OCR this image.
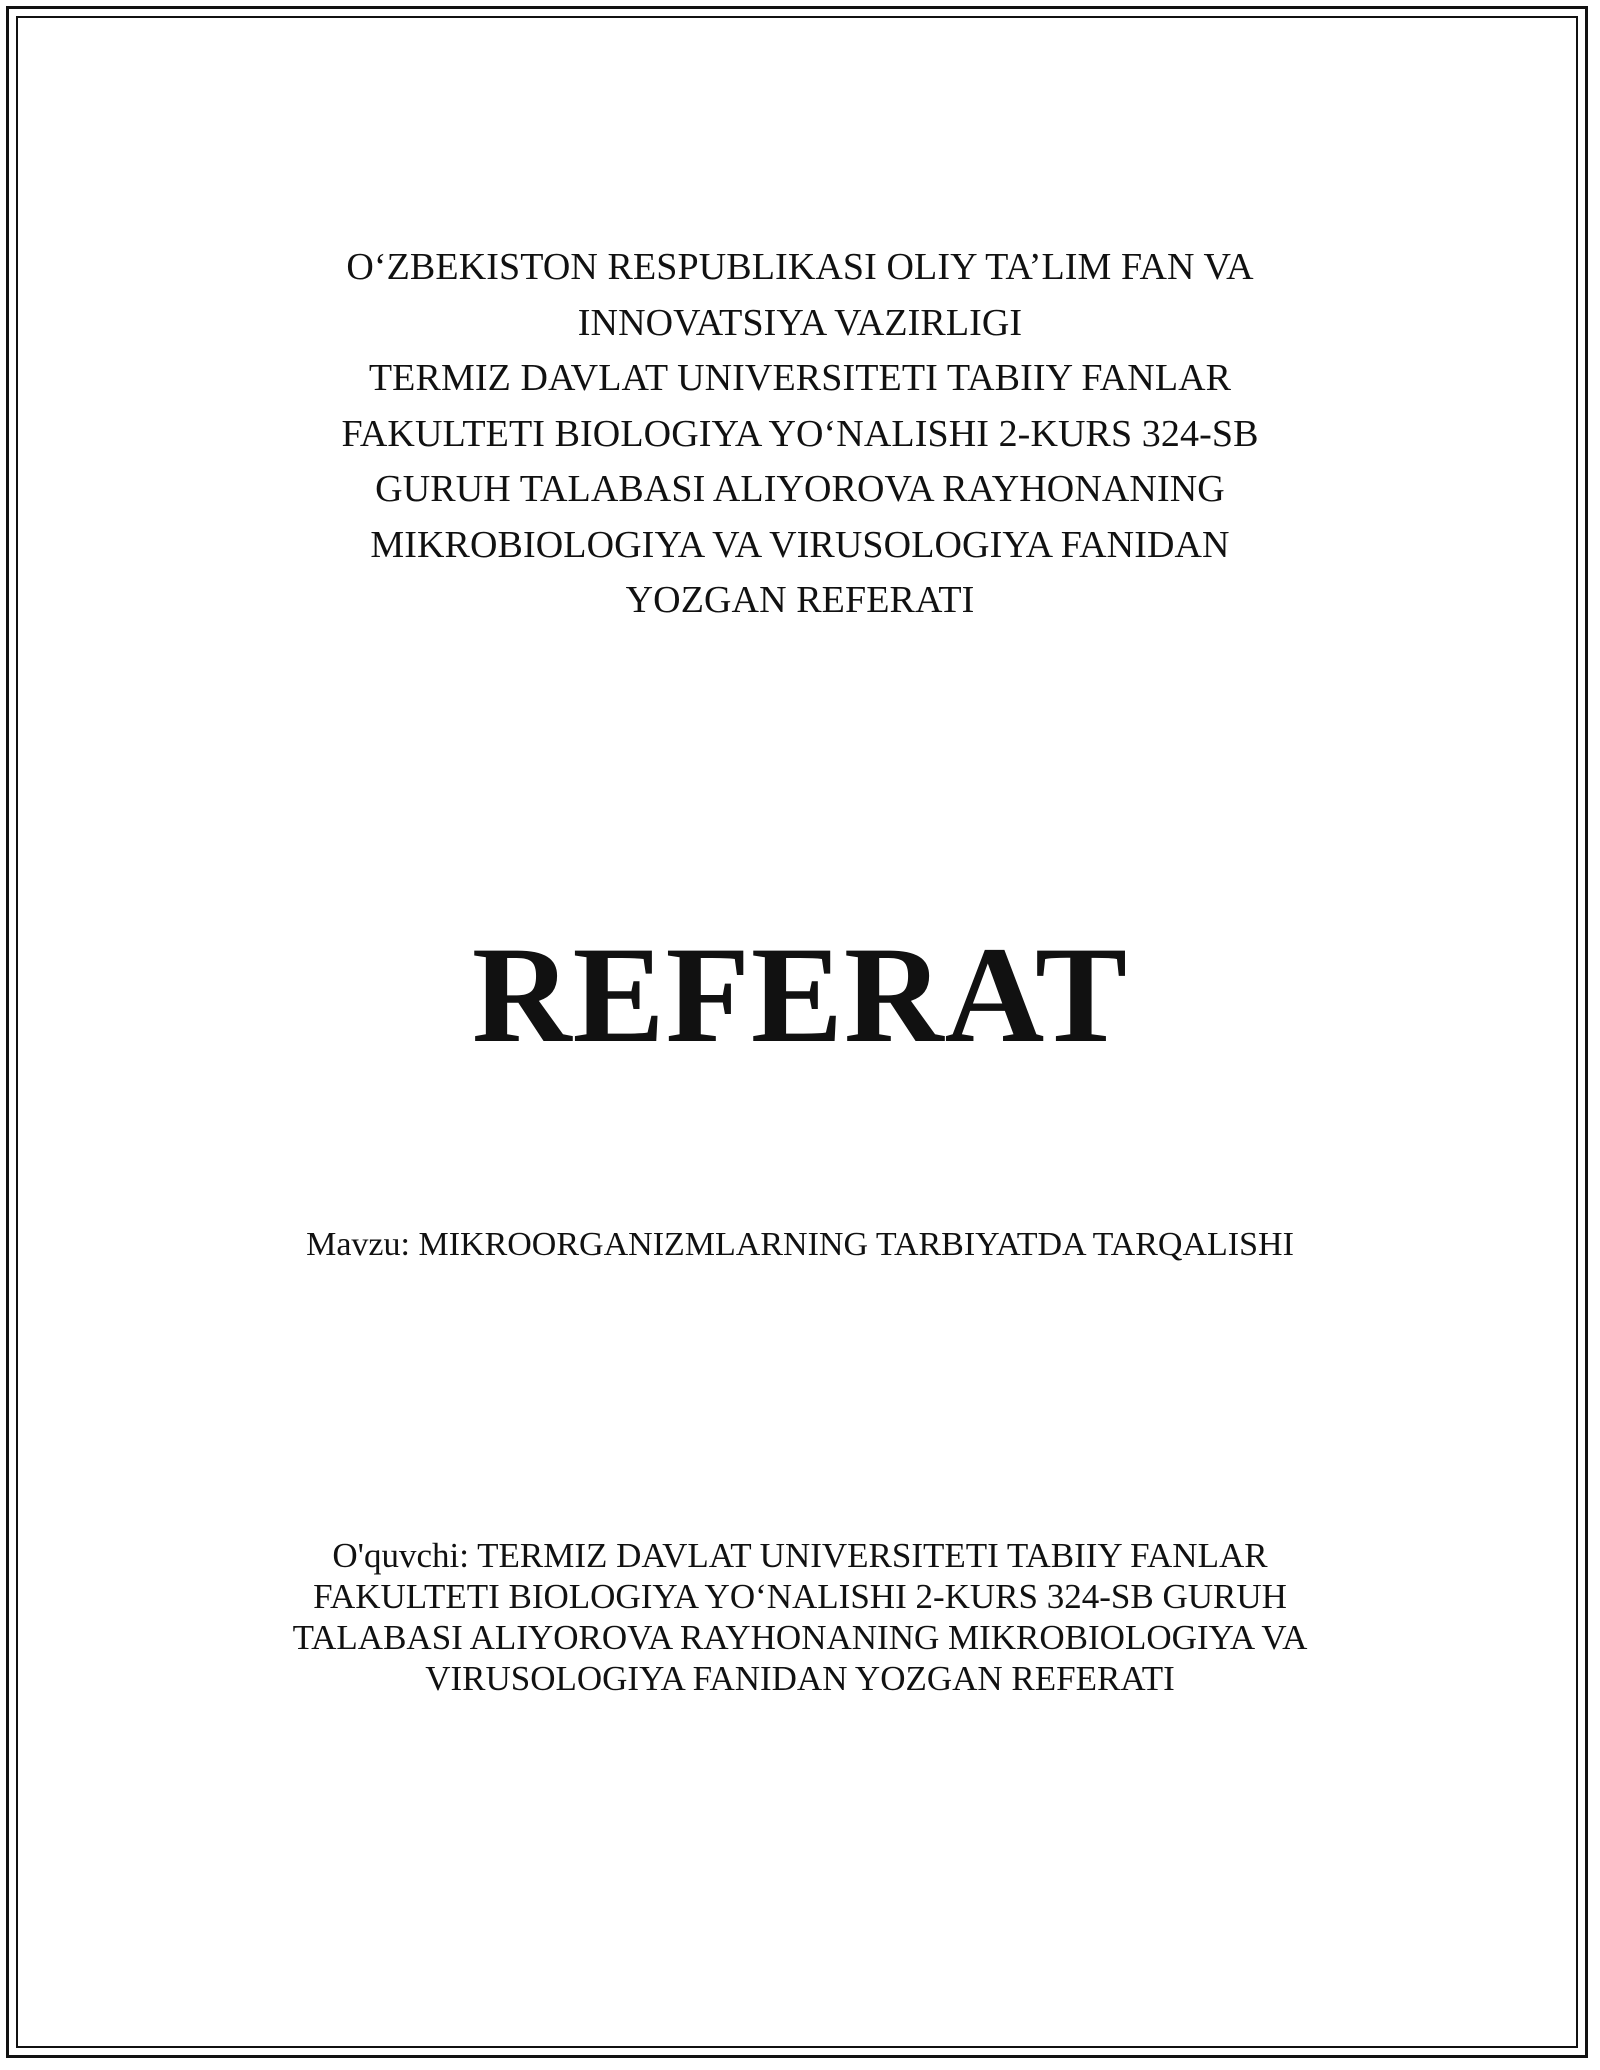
O‘ZBEKISTON RESPUBLIKASI OLIY TA’LIM FAN VA
INNOVATSIYA VAZIRLIGI
TERMIZ DAVLAT UNIVERSITETI TABIIY FANLAR
FAKULTETI BIOLOGIYA YO‘NALISHI 2-KURS 324-SB
GURUH TALABASI ALIYOROVA RAYHONANING
MIKROBIOLOGIYA VA VIRUSOLOGIYA FANIDAN
YOZGAN REFERATI
REFERAT
Mavzu: MIKROORGANIZMLARNING TARBIYATDA TARQALISHI
O'quvchi: TERMIZ DAVLAT UNIVERSITETI TABIIY FANLAR
FAKULTETI BIOLOGIYA YO‘NALISHI 2-KURS 324-SB GURUH
TALABASI ALIYOROVA RAYHONANING MIKROBIOLOGIYA VA
VIRUSOLOGIYA FANIDAN YOZGAN REFERATI
